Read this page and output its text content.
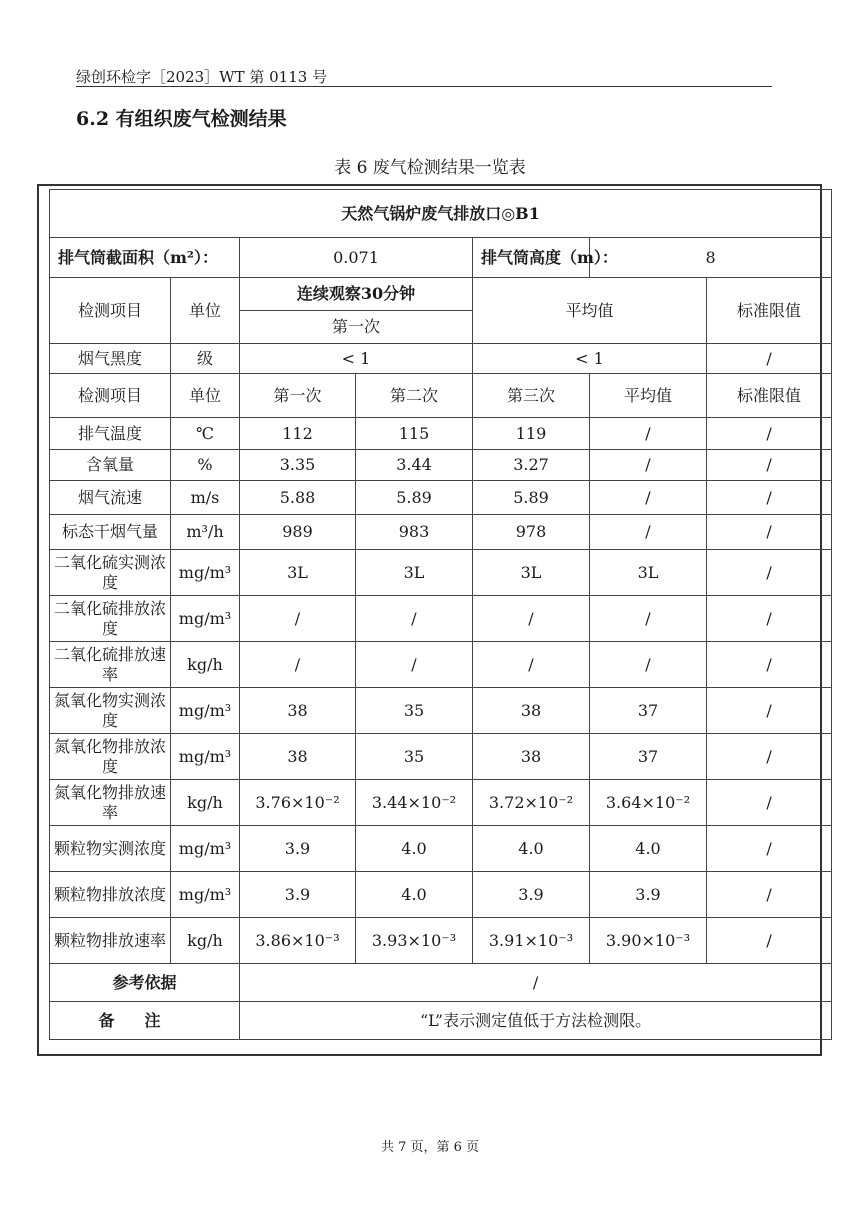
绿创环检字［2023］WT 第 0113 号
6.2 有组织废气检测结果
表 6 废气检测结果一览表
天然气锅炉废气排放口◎B1						
排气筒截面积（m²）：		0.071		排气筒高度（m）：	8	
检测项目	单位	连续观察30分钟		平均值		标准限值
		第一次				
烟气黑度	级	< 1		< 1		/
检测项目	单位	第一次	第二次	第三次	平均值	标准限值
排气温度	℃	112	115	119	/	/
含氧量	%	3.35	3.44	3.27	/	/
烟气流速	m/s	5.88	5.89	5.89	/	/
标态干烟气量	m³/h	989	983	978	/	/
二氧化硫实测浓度	mg/m³	3L	3L	3L	3L	/
二氧化硫排放浓度	mg/m³	/	/	/	/	/
二氧化硫排放速率	kg/h	/	/	/	/	/
氮氧化物实测浓度	mg/m³	38	35	38	37	/
氮氧化物排放浓度	mg/m³	38	35	38	37	/
氮氧化物排放速率	kg/h	3.76×10⁻²	3.44×10⁻²	3.72×10⁻²	3.64×10⁻²	/
颗粒物实测浓度	mg/m³	3.9	4.0	4.0	4.0	/
颗粒物排放浓度	mg/m³	3.9	4.0	3.9	3.9	/
颗粒物排放速率	kg/h	3.86×10⁻³	3.93×10⁻³	3.91×10⁻³	3.90×10⁻³	/
参考依据		/				
备注		“L”表示测定值低于方法检测限。				
共 7 页，第 6 页
